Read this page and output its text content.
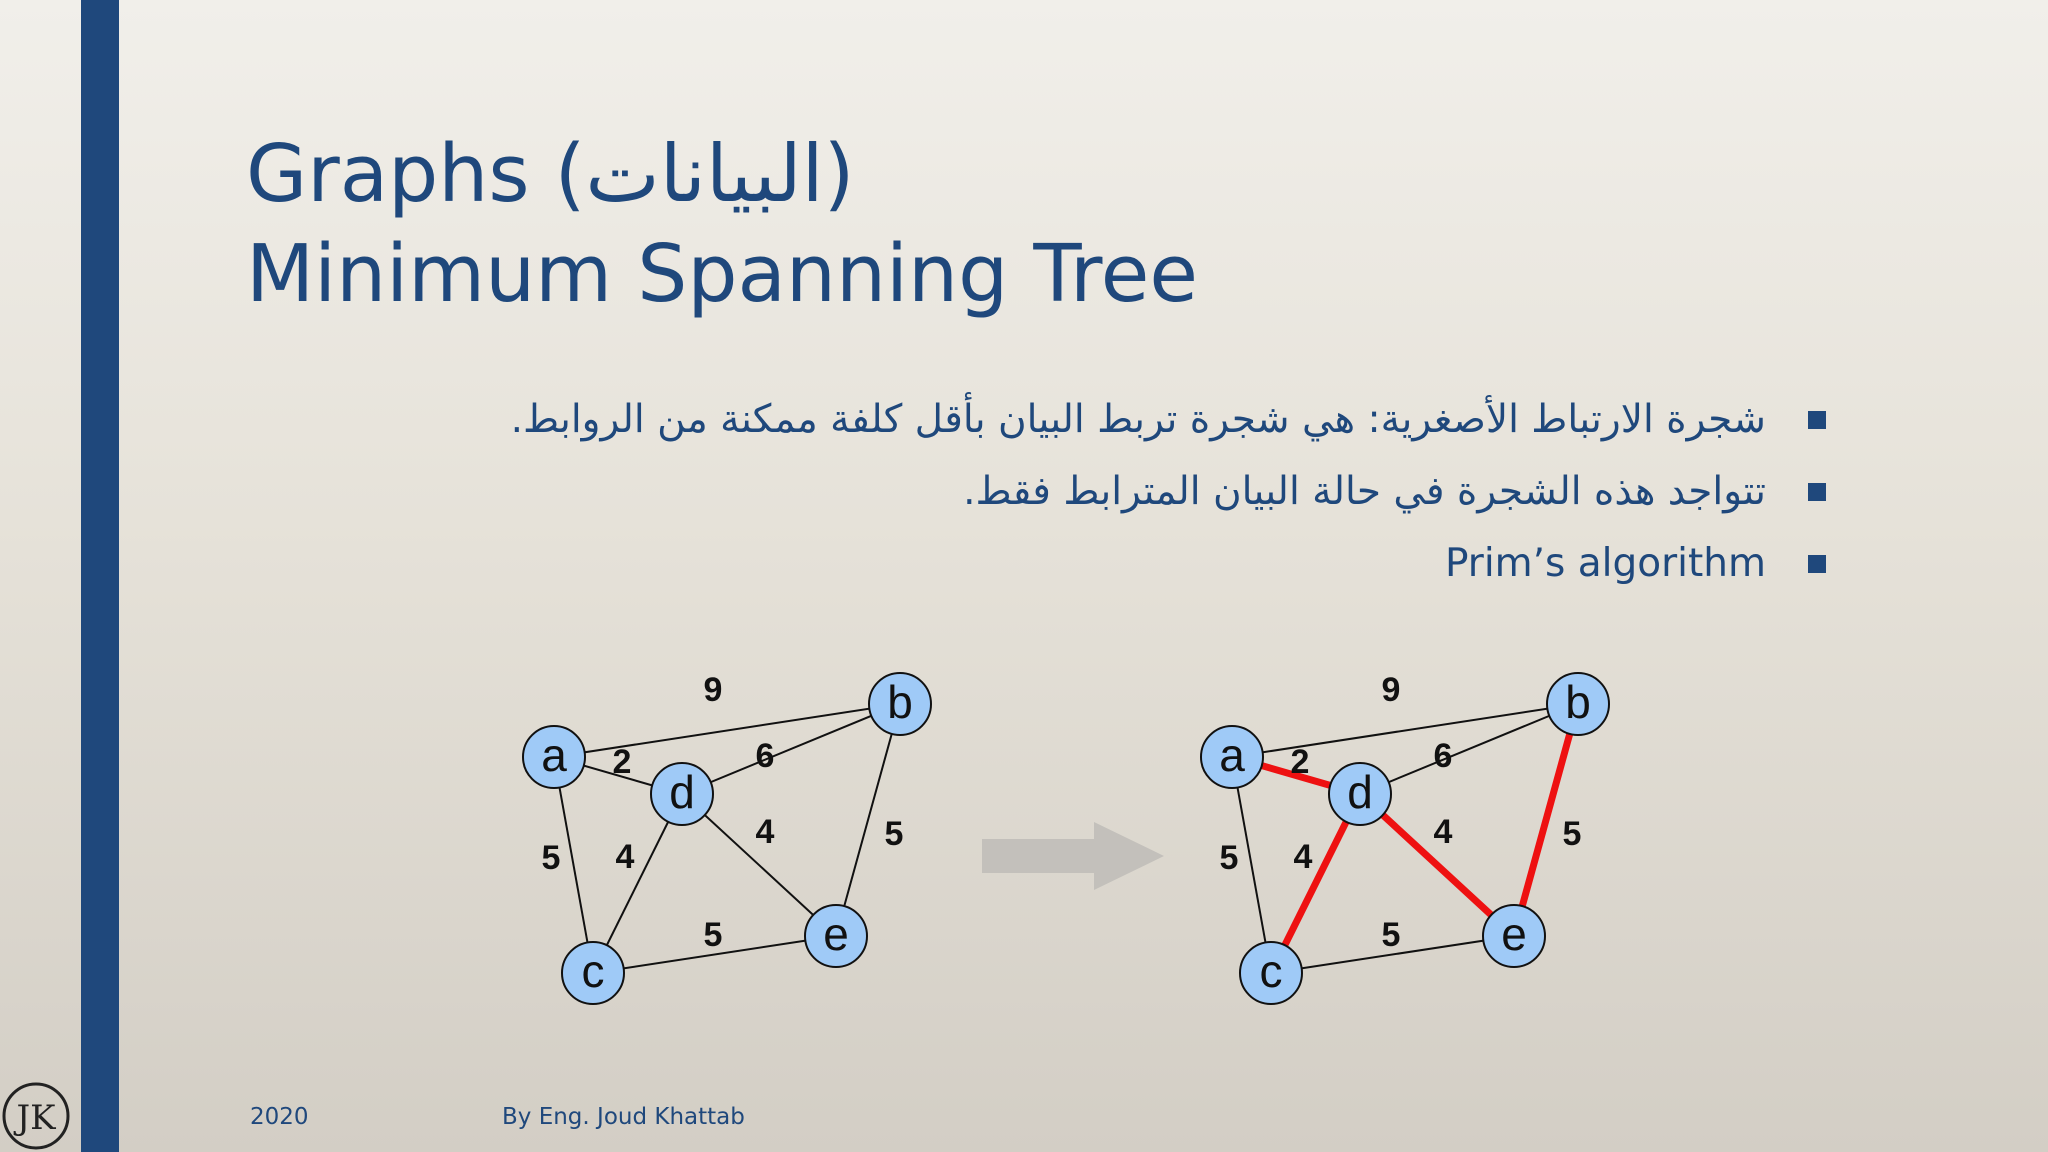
JK
Graphs (البيانات)
Minimum Spanning Tree
شجرة الارتباط الأصغرية: هي شجرة تربط البيان بأقل كلفة ممكنة من الروابط.
تتواجد هذه الشجرة في حالة البيان المترابط فقط.
Prim’s algorithm
9
2	6
5 4
4	5
5
a
b
c
d
e
9
2	6
5 4
4	5
5
a
b
c
d
e
2020	By Eng. Joud Khattab
